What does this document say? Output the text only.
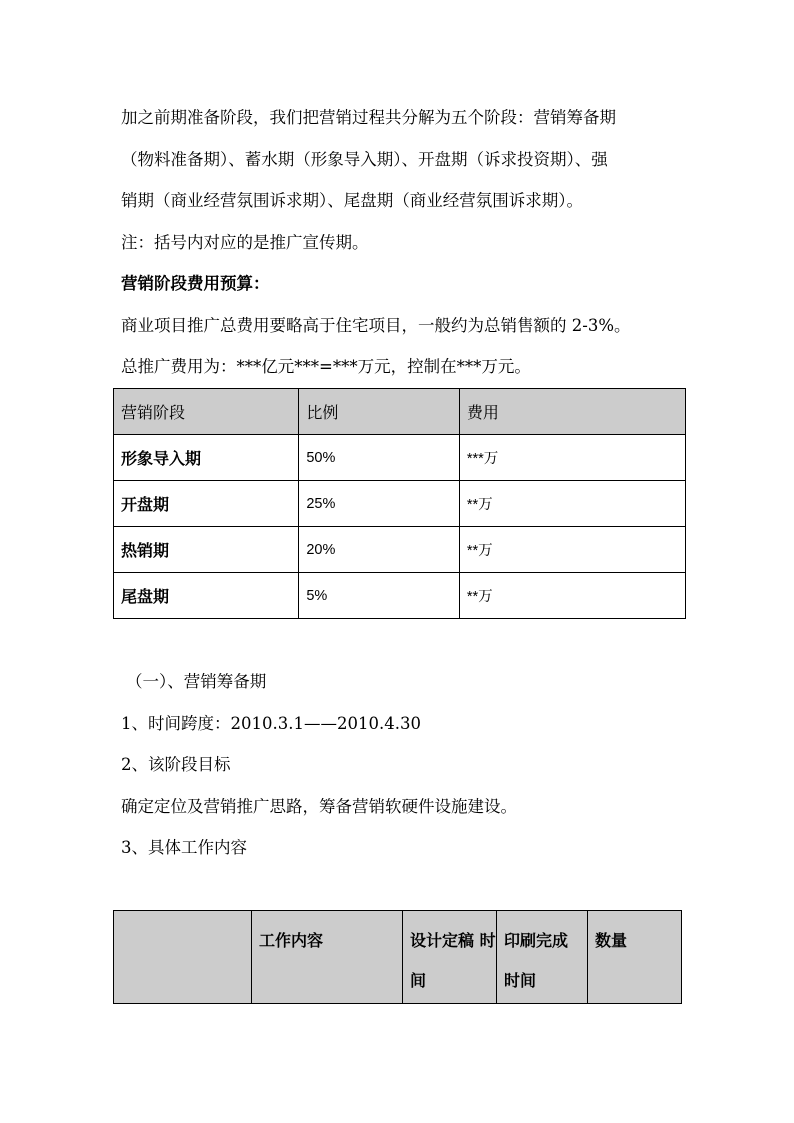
加之前期准备阶段，我们把营销过程共分解为五个阶段：营销筹备期
（物料准备期）、蓄水期（形象导入期）、开盘期（诉求投资期）、强
销期（商业经营氛围诉求期）、尾盘期（商业经营氛围诉求期）。
注：括号内对应的是推广宣传期。
营销阶段费用预算：
商业项目推广总费用要略高于住宅项目，一般约为总销售额的 2-3%。
总推广费用为：***亿元***=***万元，控制在***万元。
营销阶段	比例	费用
形象导入期	50%	***万
开盘期	25%	**万
热销期	20%	**万
尾盘期	5%	**万
（一）、营销筹备期
1、时间跨度：2010.3.1——2010.4.30
2、该阶段目标
确定定位及营销推广思路，筹备营销软硬件设施建设。
3、具体工作内容
	工作内容	设计定稿 时间	印刷完成 时间	数量
